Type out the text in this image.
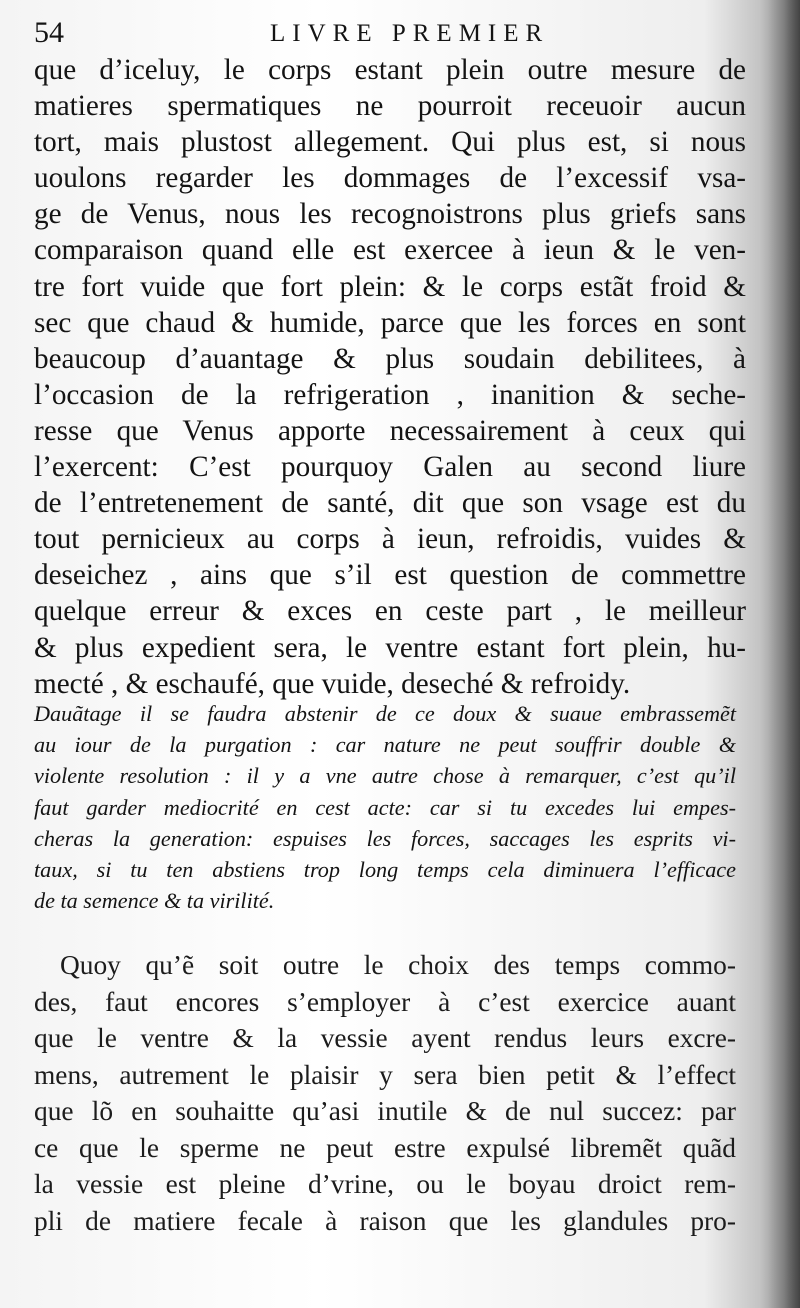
54	LIVRE PREMIER
que d’iceluy, le corps estant plein outre mesure de
matieres spermatiques ne pourroit receuoir aucun
tort, mais plustost allegement. Qui plus est, si nous
uoulons regarder les dommages de l’excessif vsa-
ge de Venus, nous les recognoistrons plus griefs sans
comparaison quand elle est exercee à ieun & le ven-
tre fort vuide que fort plein: & le corps estãt froid &
sec que chaud & humide, parce que les forces en sont
beaucoup d’auantage & plus soudain debilitees, à
l’occasion de la refrigeration , inanition & seche-
resse que Venus apporte necessairement à ceux qui
l’exercent: C’est pourquoy Galen au second liure
de l’entretenement de santé, dit que son vsage est du
tout pernicieux au corps à ieun, refroidis, vuides &
deseichez , ains que s’il est question de commettre
quelque erreur & exces en ceste part , le meilleur
& plus expedient sera, le ventre estant fort plein, hu-
mecté , & eschaufé, que vuide, deseché & refroidy.
Dauãtage il se faudra abstenir de ce doux & suaue embrassemẽt
au iour de la purgation : car nature ne peut souffrir double &
violente resolution : il y a vne autre chose à remarquer, c’est qu’il
faut garder mediocrité en cest acte: car si tu excedes lui empes-
cheras la generation: espuises les forces, saccages les esprits vi-
taux, si tu ten abstiens trop long temps cela diminuera l’efficace
de ta semence & ta virilité.
Quoy qu’ẽ soit outre le choix des temps commo-
des, faut encores s’employer à c’est exercice auant
que le ventre & la vessie ayent rendus leurs excre-
mens, autrement le plaisir y sera bien petit & l’effect
que lõ en souhaitte qu’asi inutile & de nul succez: par
ce que le sperme ne peut estre expulsé libremẽt quãd
la vessie est pleine d’vrine, ou le boyau droict rem-
pli de matiere fecale à raison que les glandules pro-
